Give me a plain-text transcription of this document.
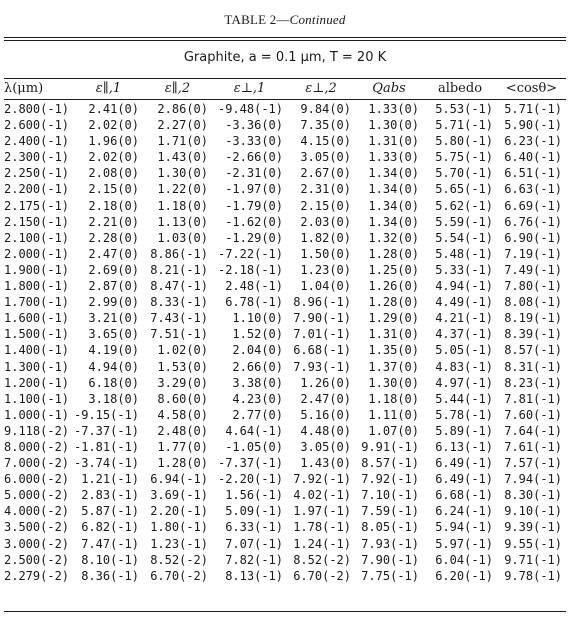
TABLE 2—Continued
Graphite, a = 0.1 μm, T = 20 K
λ(μm)	ε∥,1	ε∥,2	ε⊥,1	ε⊥,2	Qabs	albedo	<cosθ>
2.800(-1)	2.41(0)	2.86(0) -9.48(-1)	9.84(0)	1.33(0)	5.53(-1) 5.71(-1)
2.600(-1)	2.02(0)	2.27(0)	-3.36(0)	7.35(0)	1.30(0)	5.71(-1) 5.90(-1)
2.400(-1)	1.96(0)	1.71(0)	-3.33(0)	4.15(0)	1.31(0)	5.80(-1) 6.23(-1)
2.300(-1)	2.02(0)	1.43(0)	-2.66(0)	3.05(0)	1.33(0)	5.75(-1) 6.40(-1)
2.250(-1)	2.08(0)	1.30(0)	-2.31(0)	2.67(0)	1.34(0)	5.70(-1) 6.51(-1)
2.200(-1)	2.15(0)	1.22(0)	-1.97(0)	2.31(0)	1.34(0)	5.65(-1) 6.63(-1)
2.175(-1)	2.18(0)	1.18(0)	-1.79(0)	2.15(0)	1.34(0)	5.62(-1) 6.69(-1)
2.150(-1)	2.21(0)	1.13(0)	-1.62(0)	2.03(0)	1.34(0)	5.59(-1) 6.76(-1)
2.100(-1)	2.28(0)	1.03(0)	-1.29(0)	1.82(0)	1.32(0)	5.54(-1) 6.90(-1)
2.000(-1)	2.47(0) 8.86(-1) -7.22(-1)	1.50(0)	1.28(0)	5.48(-1) 7.19(-1)
1.900(-1)	2.69(0) 8.21(-1) -2.18(-1)	1.23(0)	1.25(0)	5.33(-1) 7.49(-1)
1.800(-1)	2.87(0) 8.47(-1)	2.48(-1)	1.04(0)	1.26(0)	4.94(-1) 7.80(-1)
1.700(-1)	2.99(0) 8.33(-1)	6.78(-1) 8.96(-1)	1.28(0)	4.49(-1) 8.08(-1)
1.600(-1)	3.21(0) 7.43(-1)	1.10(0) 7.90(-1)	1.29(0)	4.21(-1) 8.19(-1)
1.500(-1)	3.65(0) 7.51(-1)	1.52(0) 7.01(-1)	1.31(0)	4.37(-1) 8.39(-1)
1.400(-1)	4.19(0)	1.02(0)	2.04(0) 6.68(-1)	1.35(0)	5.05(-1) 8.57(-1)
1.300(-1)	4.94(0)	1.53(0)	2.66(0) 7.93(-1)	1.37(0)	4.83(-1) 8.31(-1)
1.200(-1)	6.18(0)	3.29(0)	3.38(0)	1.26(0)	1.30(0)	4.97(-1) 8.23(-1)
1.100(-1)	3.18(0)	8.60(0)	4.23(0)	2.47(0)	1.18(0)	5.44(-1) 7.81(-1)
1.000(-1) -9.15(-1)	4.58(0)	2.77(0)	5.16(0)	1.11(0)	5.78(-1) 7.60(-1)
9.118(-2) -7.37(-1)	2.48(0)	4.64(-1)	4.48(0)	1.07(0)	5.89(-1) 7.64(-1)
8.000(-2) -1.81(-1)	1.77(0)	-1.05(0)	3.05(0) 9.91(-1)	6.13(-1) 7.61(-1)
7.000(-2) -3.74(-1)	1.28(0) -7.37(-1)	1.43(0) 8.57(-1)	6.49(-1) 7.57(-1)
6.000(-2)	1.21(-1) 6.94(-1) -2.20(-1) 7.92(-1) 7.92(-1)	6.49(-1) 7.94(-1)
5.000(-2)	2.83(-1) 3.69(-1)	1.56(-1) 4.02(-1) 7.10(-1)	6.68(-1) 8.30(-1)
4.000(-2)	5.87(-1) 2.20(-1)	5.09(-1) 1.97(-1) 7.59(-1)	6.24(-1) 9.10(-1)
3.500(-2)	6.82(-1) 1.80(-1)	6.33(-1) 1.78(-1) 8.05(-1)	5.94(-1) 9.39(-1)
3.000(-2)	7.47(-1) 1.23(-1)	7.07(-1) 1.24(-1) 7.93(-1)	5.97(-1) 9.55(-1)
2.500(-2)	8.10(-1) 8.52(-2)	7.82(-1) 8.52(-2) 7.90(-1)	6.04(-1) 9.71(-1)
2.279(-2)	8.36(-1) 6.70(-2)	8.13(-1) 6.70(-2) 7.75(-1)	6.20(-1) 9.78(-1)
